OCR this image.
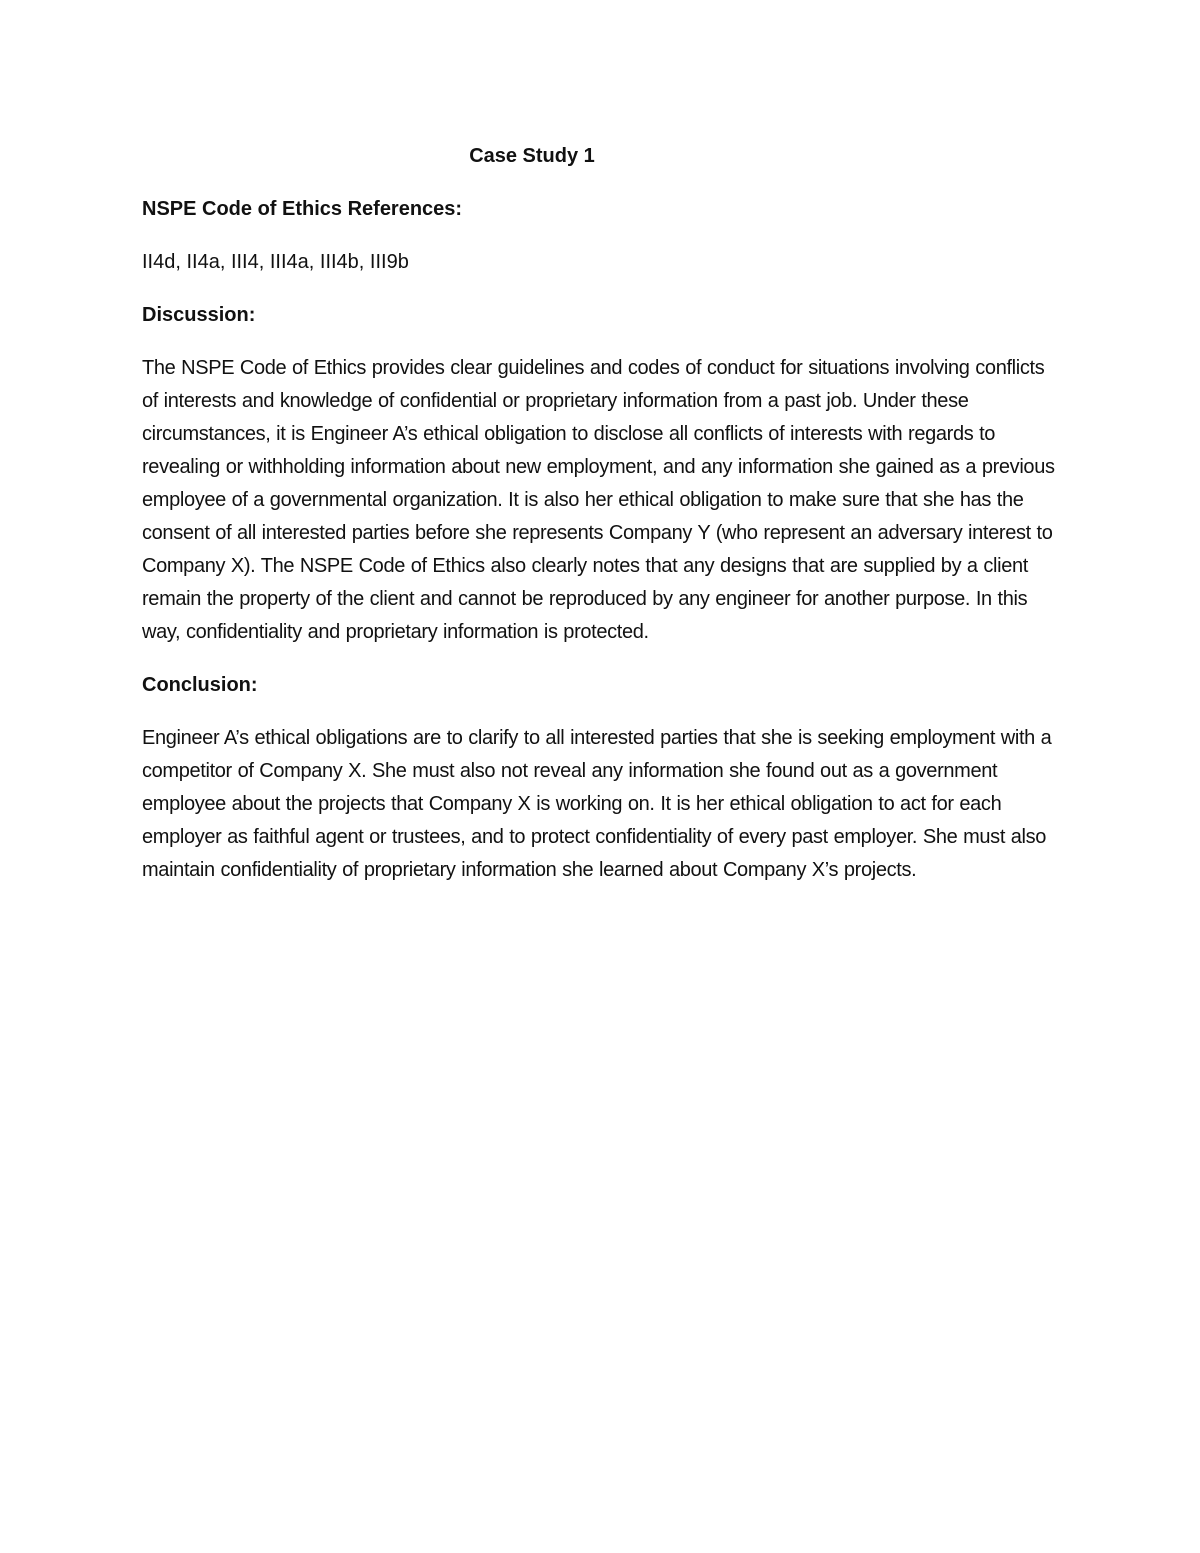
Case Study 1
NSPE Code of Ethics References:
II4d, II4a, III4, III4a, III4b, III9b
Discussion:
The NSPE Code of Ethics provides clear guidelines and codes of conduct for situations involving conflicts of interests and knowledge of confidential or proprietary information from a past job. Under these circumstances, it is Engineer A’s ethical obligation to disclose all conflicts of interests with regards to revealing or withholding information about new employment, and any information she gained as a previous employee of a governmental organization. It is also her ethical obligation to make sure that she has the consent of all interested parties before she represents Company Y (who represent an adversary interest to Company X). The NSPE Code of Ethics also clearly notes that any designs that are supplied by a client remain the property of the client and cannot be reproduced by any engineer for another purpose. In this way, confidentiality and proprietary information is protected.
Conclusion:
Engineer A’s ethical obligations are to clarify to all interested parties that she is seeking employment with a competitor of Company X. She must also not reveal any information she found out as a government employee about the projects that Company X is working on. It is her ethical obligation to act for each employer as faithful agent or trustees, and to protect confidentiality of every past employer. She must also maintain confidentiality of proprietary information she learned about Company X’s projects.
